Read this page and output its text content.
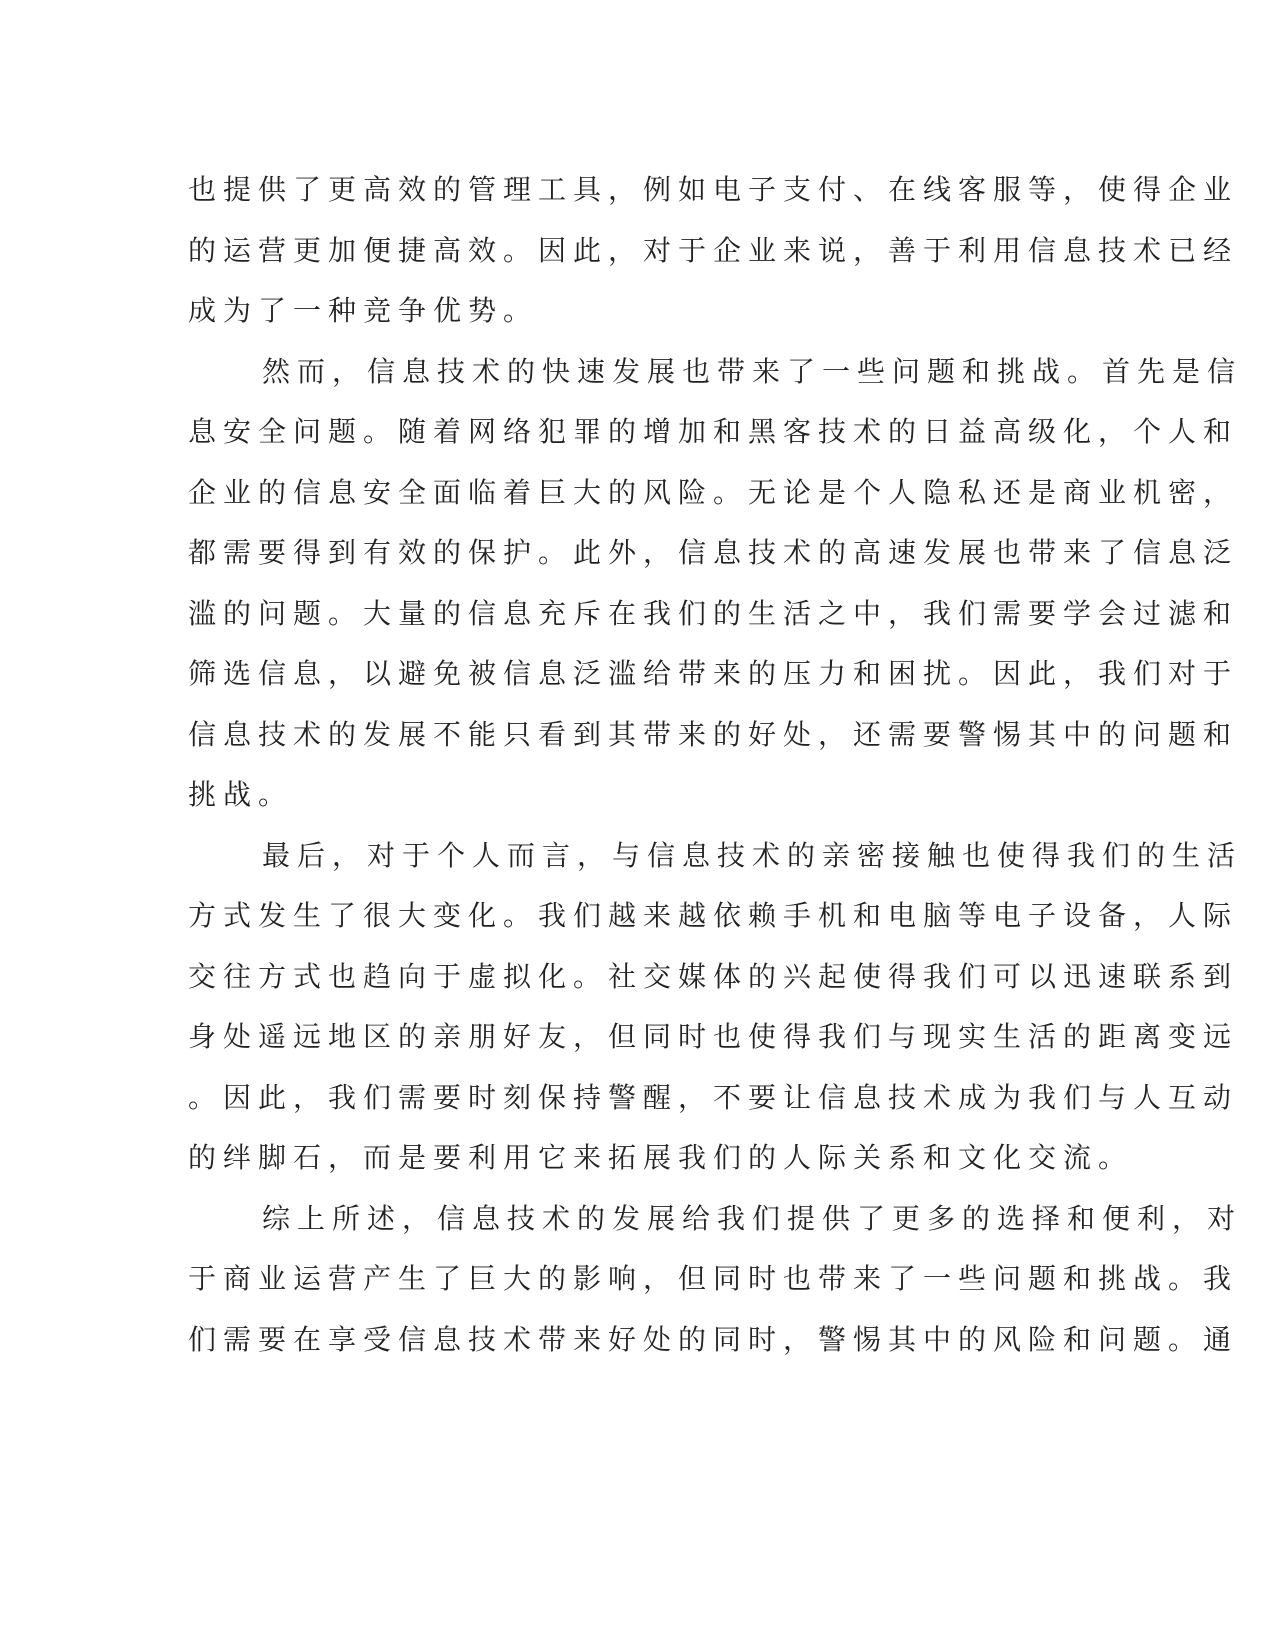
也提供了更高效的管理工具，例如电子支付、在线客服等，使得企业
的运营更加便捷高效。因此，对于企业来说，善于利用信息技术已经
成为了一种竞争优势。
然而，信息技术的快速发展也带来了一些问题和挑战。首先是信
息安全问题。随着网络犯罪的增加和黑客技术的日益高级化，个人和
企业的信息安全面临着巨大的风险。无论是个人隐私还是商业机密，
都需要得到有效的保护。此外，信息技术的高速发展也带来了信息泛
滥的问题。大量的信息充斥在我们的生活之中，我们需要学会过滤和
筛选信息，以避免被信息泛滥给带来的压力和困扰。因此，我们对于
信息技术的发展不能只看到其带来的好处，还需要警惕其中的问题和
挑战。
最后，对于个人而言，与信息技术的亲密接触也使得我们的生活
方式发生了很大变化。我们越来越依赖手机和电脑等电子设备，人际
交往方式也趋向于虚拟化。社交媒体的兴起使得我们可以迅速联系到
身处遥远地区的亲朋好友，但同时也使得我们与现实生活的距离变远
。因此，我们需要时刻保持警醒，不要让信息技术成为我们与人互动
的绊脚石，而是要利用它来拓展我们的人际关系和文化交流。
综上所述，信息技术的发展给我们提供了更多的选择和便利，对
于商业运营产生了巨大的影响，但同时也带来了一些问题和挑战。我
们需要在享受信息技术带来好处的同时，警惕其中的风险和问题。通
